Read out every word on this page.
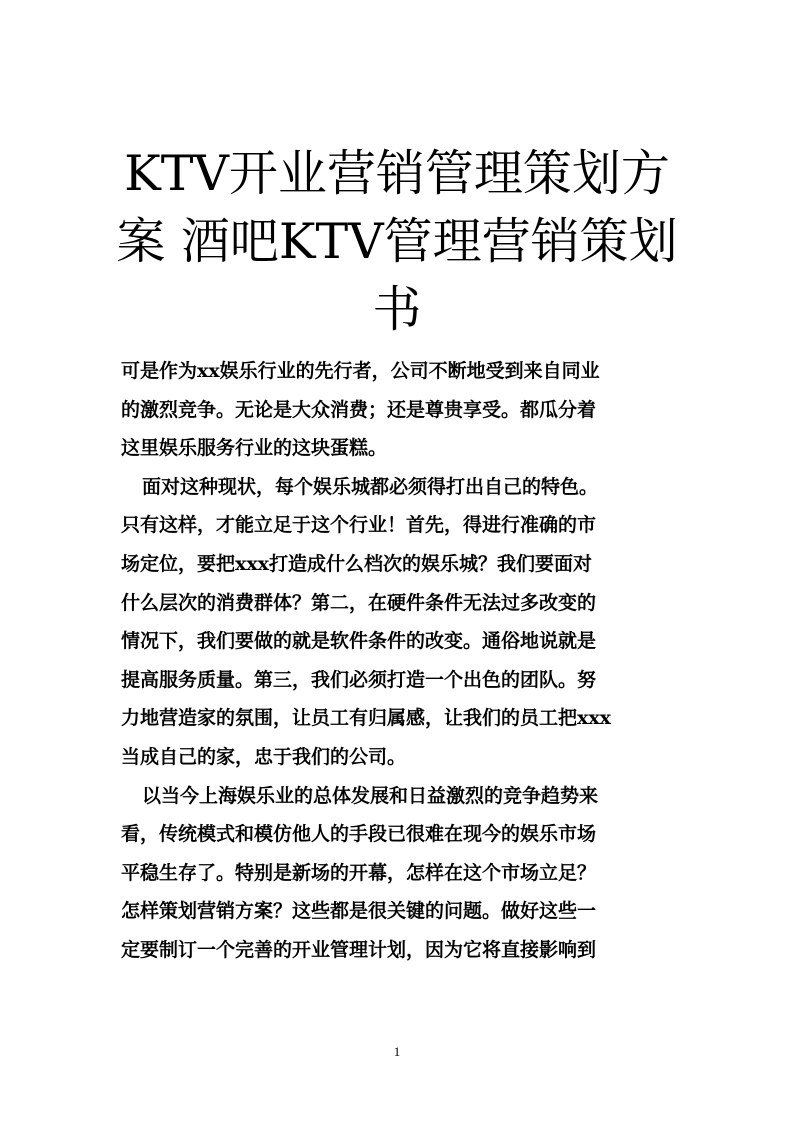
KTV开业营销管理策划方
案 酒吧KTV管理营销策划
书

可是作为xx娱乐行业的先行者，公司不断地受到来自同业
的激烈竞争。无论是大众消费；还是尊贵享受。都瓜分着
这里娱乐服务行业的这块蛋糕。

面对这种现状，每个娱乐城都必须得打出自己的特色。
只有这样，才能立足于这个行业！首先，得进行准确的市
场定位，要把xxx打造成什么档次的娱乐城？我们要面对
什么层次的消费群体？第二，在硬件条件无法过多改变的
情况下，我们要做的就是软件条件的改变。通俗地说就是
提高服务质量。第三，我们必须打造一个出色的团队。努
力地营造家的氛围，让员工有归属感，让我们的员工把xxx
当成自己的家，忠于我们的公司。

以当今上海娱乐业的总体发展和日益激烈的竞争趋势来
看，传统模式和模仿他人的手段已很难在现今的娱乐市场
平稳生存了。特别是新场的开幕，怎样在这个市场立足？
怎样策划营销方案？这些都是很关键的问题。做好这些一
定要制订一个完善的开业管理计划，因为它将直接影响到

1
